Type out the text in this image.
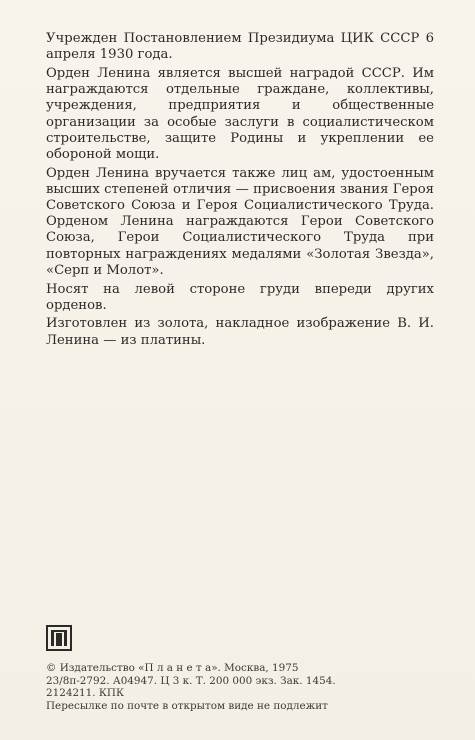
Учрежден Постановлением Президиума ЦИК СССР 6 апреля 1930 года.

Орден Ленина является высшей наградой СССР. Им награждаются отдельные граждане, коллективы, учреждения, предприятия и общественные организации за особые заслуги в социалистическом строительстве, защите Родины и укреплении ее обороной мощи.

Орден Ленина вручается также лиц ам, удостоенным высших степеней отличия — присвоения звания Героя Советского Союза и Героя Социалистического Труда. Орденом Ленина награждаются Герои Советского Союза, Герои Социалистического Труда при повторных награждениях медалями «Золотая Звезда», «Серп и Молот».

Носят на левой стороне груди впереди других орденов.

Изготовлен из золота, накладное изображение В. И. Ленина — из платины.

© Издательство «П л а н е т а». Москва, 1975
23/8п-2792. А04947. Ц 3 к. Т. 200 000 экз. Зак. 1454.
2124211. КПК
Пересылке по почте в открытом виде не подлежит
